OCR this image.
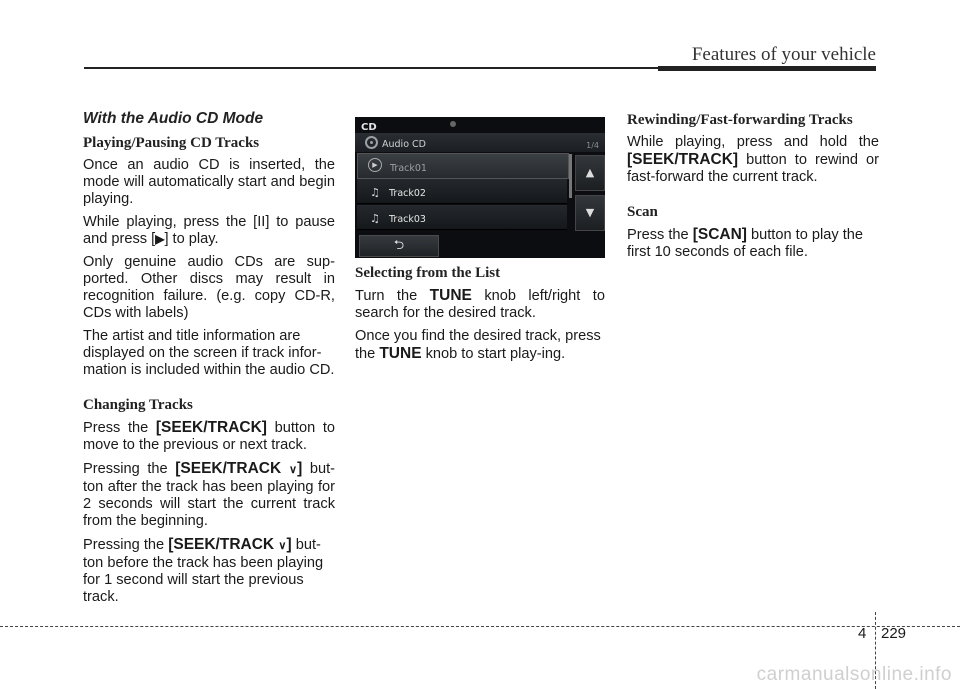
Features of your vehicle
With the Audio CD Mode
Playing/Pausing CD Tracks

Once an audio CD is inserted, the mode will automatically start and begin playing.

While playing, press the [II] to pause and press [▶] to play.

Only genuine audio CDs are sup-ported. Other discs may result in recognition failure. (e.g. copy CD-R, CDs with labels)

The artist and title information are displayed on the screen if track infor-mation is included within the audio CD.

Changing Tracks

Press the [SEEK/TRACK] button to move to the previous or next track.

Pressing the [SEEK/TRACK ∨] but-ton after the track has been playing for 2 seconds will start the current track from the beginning.

Pressing the [SEEK/TRACK ∨] but-ton before the track has been playing for 1 second will start the previous track.

CD
Audio CD	1/4
▶	Track01
♫ Track02
♫ Track03
▲
▼
⮌
Selecting from the List

Turn the TUNE knob left/right to search for the desired track.

Once you find the desired track, press the TUNE knob to start play-ing.

Rewinding/Fast-forwarding Tracks

While playing, press and hold the [SEEK/TRACK] button to rewind or fast-forward the current track.

Scan

Press the [SCAN] button to play the first 10 seconds of each file.

4 229
carmanualsonline.info
